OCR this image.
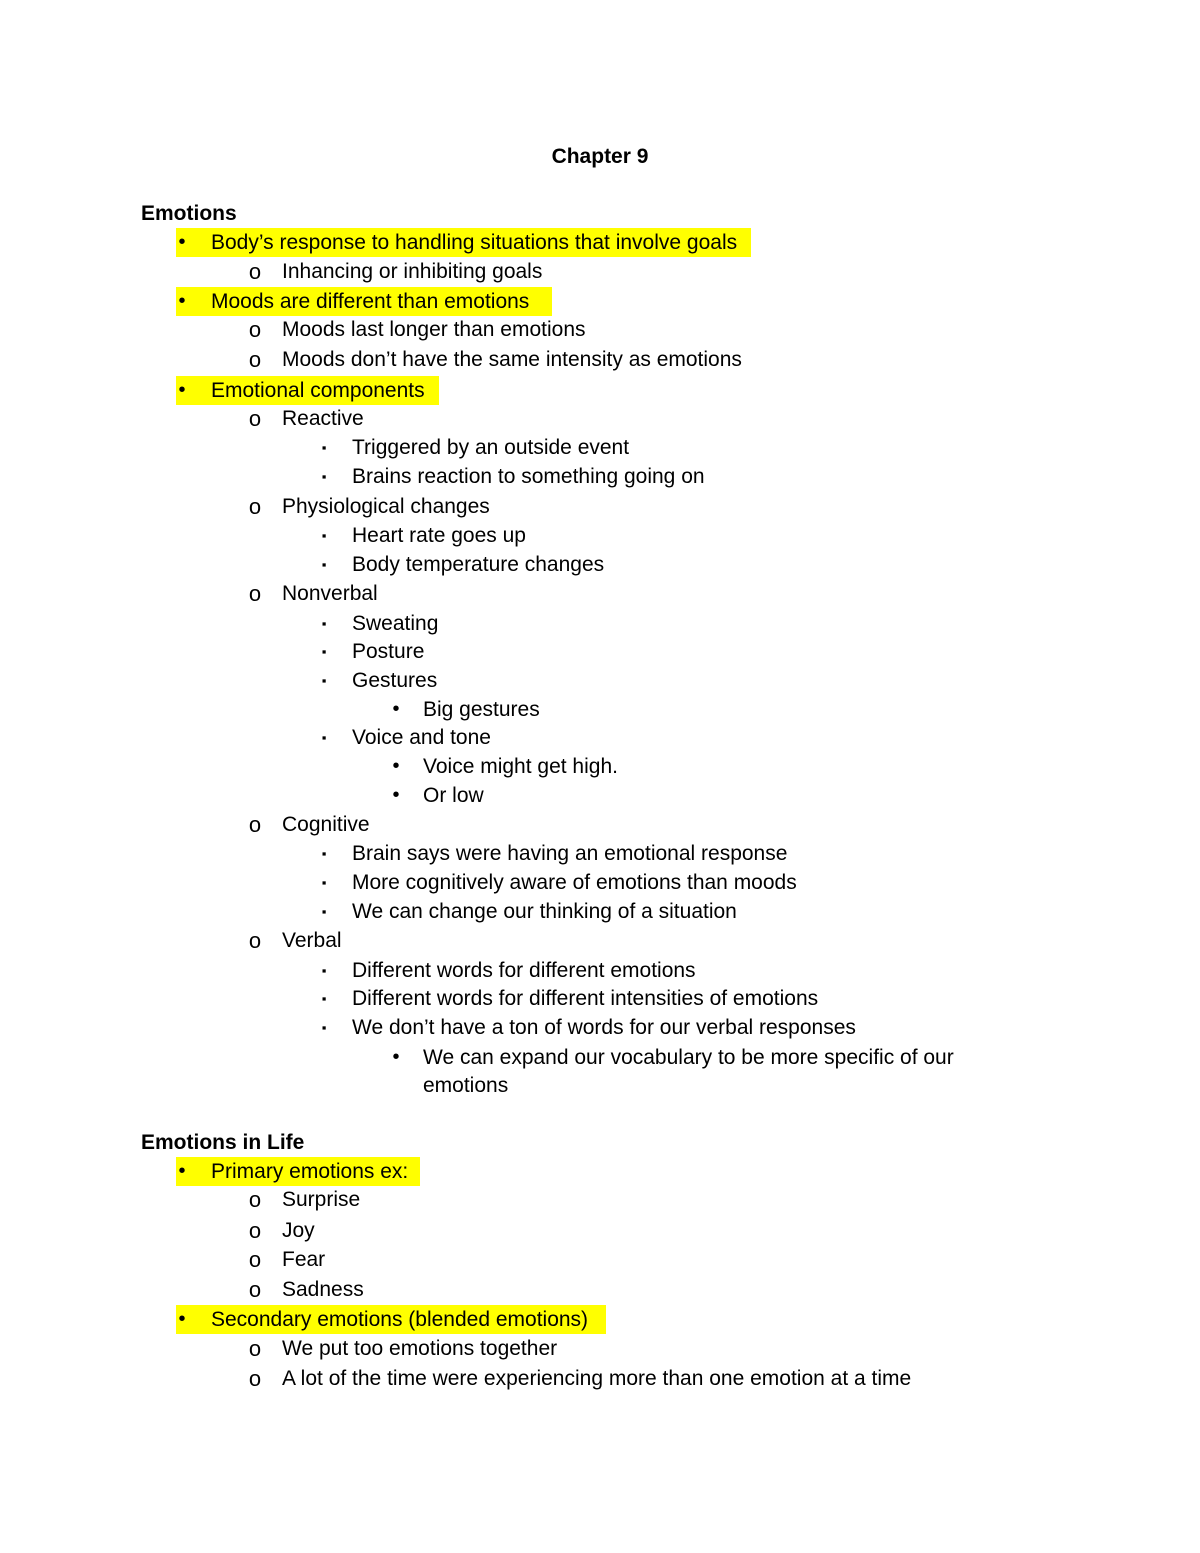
Chapter 9
Emotions
•	Body’s response to handling situations that involve goals
o Inhancing or inhibiting goals
•	Moods are different than emotions
o Moods last longer than emotions
o Moods don’t have the same intensity as emotions
•	Emotional components
o Reactive
▪	Triggered by an outside event
▪	Brains reaction to something going on
o Physiological changes
▪	Heart rate goes up
▪	Body temperature changes
o Nonverbal
▪	Sweating
▪	Posture
▪	Gestures
•	Big gestures
▪	Voice and tone
•	Voice might get high.
•	Or low
o Cognitive
▪	Brain says were having an emotional response
▪	More cognitively aware of emotions than moods
▪	We can change our thinking of a situation
o Verbal
▪	Different words for different emotions
▪	Different words for different intensities of emotions
▪	We don’t have a ton of words for our verbal responses
•	We can expand our vocabulary to be more specific of our
emotions
Emotions in Life
•	Primary emotions ex:
o Surprise
o Joy
o Fear
o Sadness
•	Secondary emotions (blended emotions)
o We put too emotions together
o A lot of the time were experiencing more than one emotion at a time
